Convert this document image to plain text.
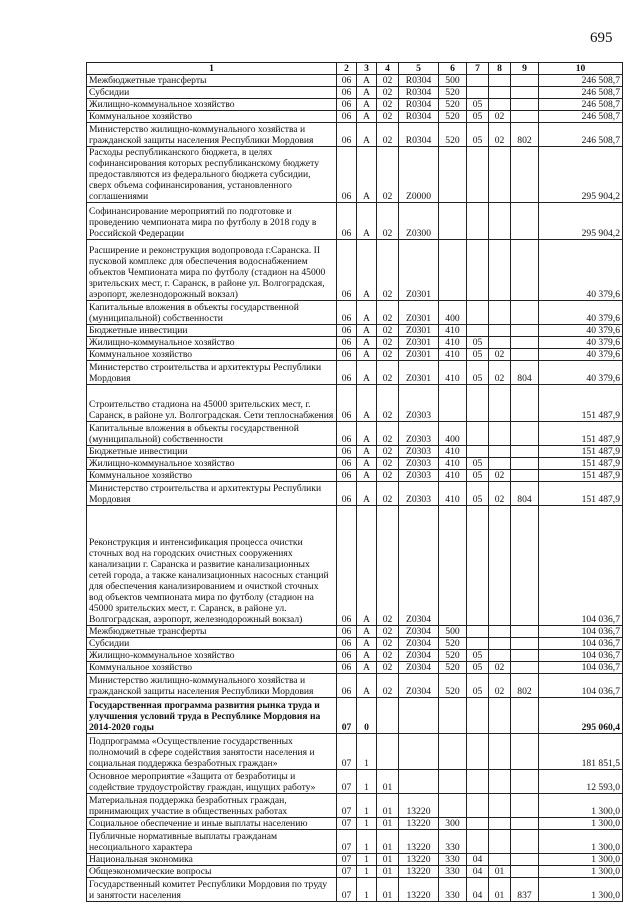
695
1	2	3	4	5	6	7	8	9	10
Межбюджетные трансферты	06	A	02	R0304	500				246 508,7
Субсидии	06	A	02	R0304	520				246 508,7
Жилищно-коммунальное хозяйство	06	A	02	R0304	520	05			246 508,7
Коммунальное хозяйство	06	A	02	R0304	520	05	02		246 508,7
Министерство жилищно-коммунального хозяйства и гражданской защиты населения Республики Мордовия	06	A	02	R0304	520	05	02	802	246 508,7
Расходы республиканского бюджета, в целях софинансирования которых республиканскому бюджету предоставляются из федерального бюджета субсидии, сверх объема софинансирования, установленного соглашениями	06	A	02	Z0000					295 904,2
Софинансирование мероприятий по подготовке и проведению чемпионата мира по футболу в 2018 году в Российской Федерации	06	A	02	Z0300					295 904,2
Расширение и реконструкция водопровода г.Саранска. II пусковой комплекс для обеспечения водоснабжением объектов Чемпионата мира по футболу (стадион на 45000 зрительских мест, г. Саранск, в районе ул. Волгоградская, аэропорт, железнодорожный вокзал)	06	A	02	Z0301					40 379,6
Капитальные вложения в объекты государственной (муниципальной) собственности	06	A	02	Z0301	400				40 379,6
Бюджетные инвестиции	06	A	02	Z0301	410				40 379,6
Жилищно-коммунальное хозяйство	06	A	02	Z0301	410	05			40 379,6
Коммунальное хозяйство	06	A	02	Z0301	410	05	02		40 379,6
Министерство строительства и архитектуры Республики Мордовия	06	A	02	Z0301	410	05	02	804	40 379,6
Строительство стадиона на 45000 зрительских мест, г. Саранск, в районе ул. Волгоградская. Сети теплоснабжения	06	A	02	Z0303					151 487,9
Капитальные вложения в объекты государственной (муниципальной) собственности	06	A	02	Z0303	400				151 487,9
Бюджетные инвестиции	06	A	02	Z0303	410				151 487,9
Жилищно-коммунальное хозяйство	06	A	02	Z0303	410	05			151 487,9
Коммунальное хозяйство	06	A	02	Z0303	410	05	02		151 487,9
Министерство строительства и архитектуры Республики Мордовия	06	A	02	Z0303	410	05	02	804	151 487,9
Реконструкция и интенсификация процесса очистки сточных вод на городских очистных сооружениях канализации г. Саранска и развитие канализационных сетей города, а также канализационных насосных станций для обеспечения канализированием и очисткой сточных вод объектов чемпионата мира по футболу (стадион на 45000 зрительских мест, г. Саранск, в районе ул. Волгоградская, аэропорт, железнодорожный вокзал)	06	A	02	Z0304					104 036,7
Межбюджетные трансферты	06	A	02	Z0304	500				104 036,7
Субсидии	06	A	02	Z0304	520				104 036,7
Жилищно-коммунальное хозяйство	06	A	02	Z0304	520	05			104 036,7
Коммунальное хозяйство	06	A	02	Z0304	520	05	02		104 036,7
Министерство жилищно-коммунального хозяйства и гражданской защиты населения Республики Мордовия	06	A	02	Z0304	520	05	02	802	104 036,7
Государственная программа развития рынка труда и улучшения условий труда в Республике Мордовия на 2014-2020 годы	07	0							295 060,4
Подпрограмма «Осуществление государственных полномочий в сфере содействия занятости населения и социальная поддержка безработных граждан»	07	1							181 851,5
Основное мероприятие «Защита от безработицы и содействие трудоустройству граждан, ищущих работу»	07	1	01						12 593,0
Материальная поддержка безработных граждан, принимающих участие в общественных работах	07	1	01	13220					1 300,0
Социальное обеспечение и иные выплаты населению	07	1	01	13220	300				1 300,0
Публичные нормативные выплаты гражданам несоциального характера	07	1	01	13220	330				1 300,0
Национальная экономика	07	1	01	13220	330	04			1 300,0
Общеэкономические вопросы	07	1	01	13220	330	04	01		1 300,0
Государственный комитет Республики Мордовия по труду и занятости населения	07	1	01	13220	330	04	01	837	1 300,0
